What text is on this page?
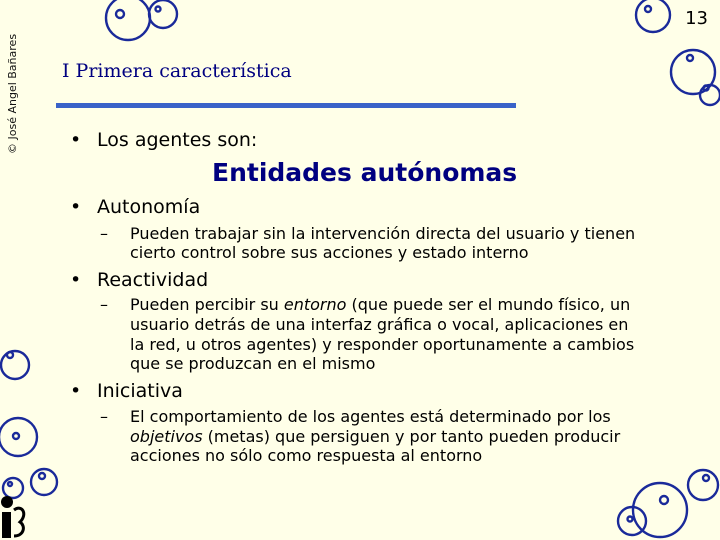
© José Angel Bañares
13
I Primera característica
• Los agentes son:
Entidades autónomas
• Autonomía
– Pueden trabajar sin la intervención directa del usuario y tienen
cierto control sobre sus acciones y estado interno
• Reactividad
– Pueden percibir su entorno (que puede ser el mundo físico, un
usuario detrás de una interfaz gráfica o vocal, aplicaciones en
la red, u otros agentes) y responder oportunamente a cambios
que se produzcan en el mismo
• Iniciativa
– El comportamiento de los agentes está determinado por los
objetivos (metas) que persiguen y por tanto pueden producir
acciones no sólo como respuesta al entorno
